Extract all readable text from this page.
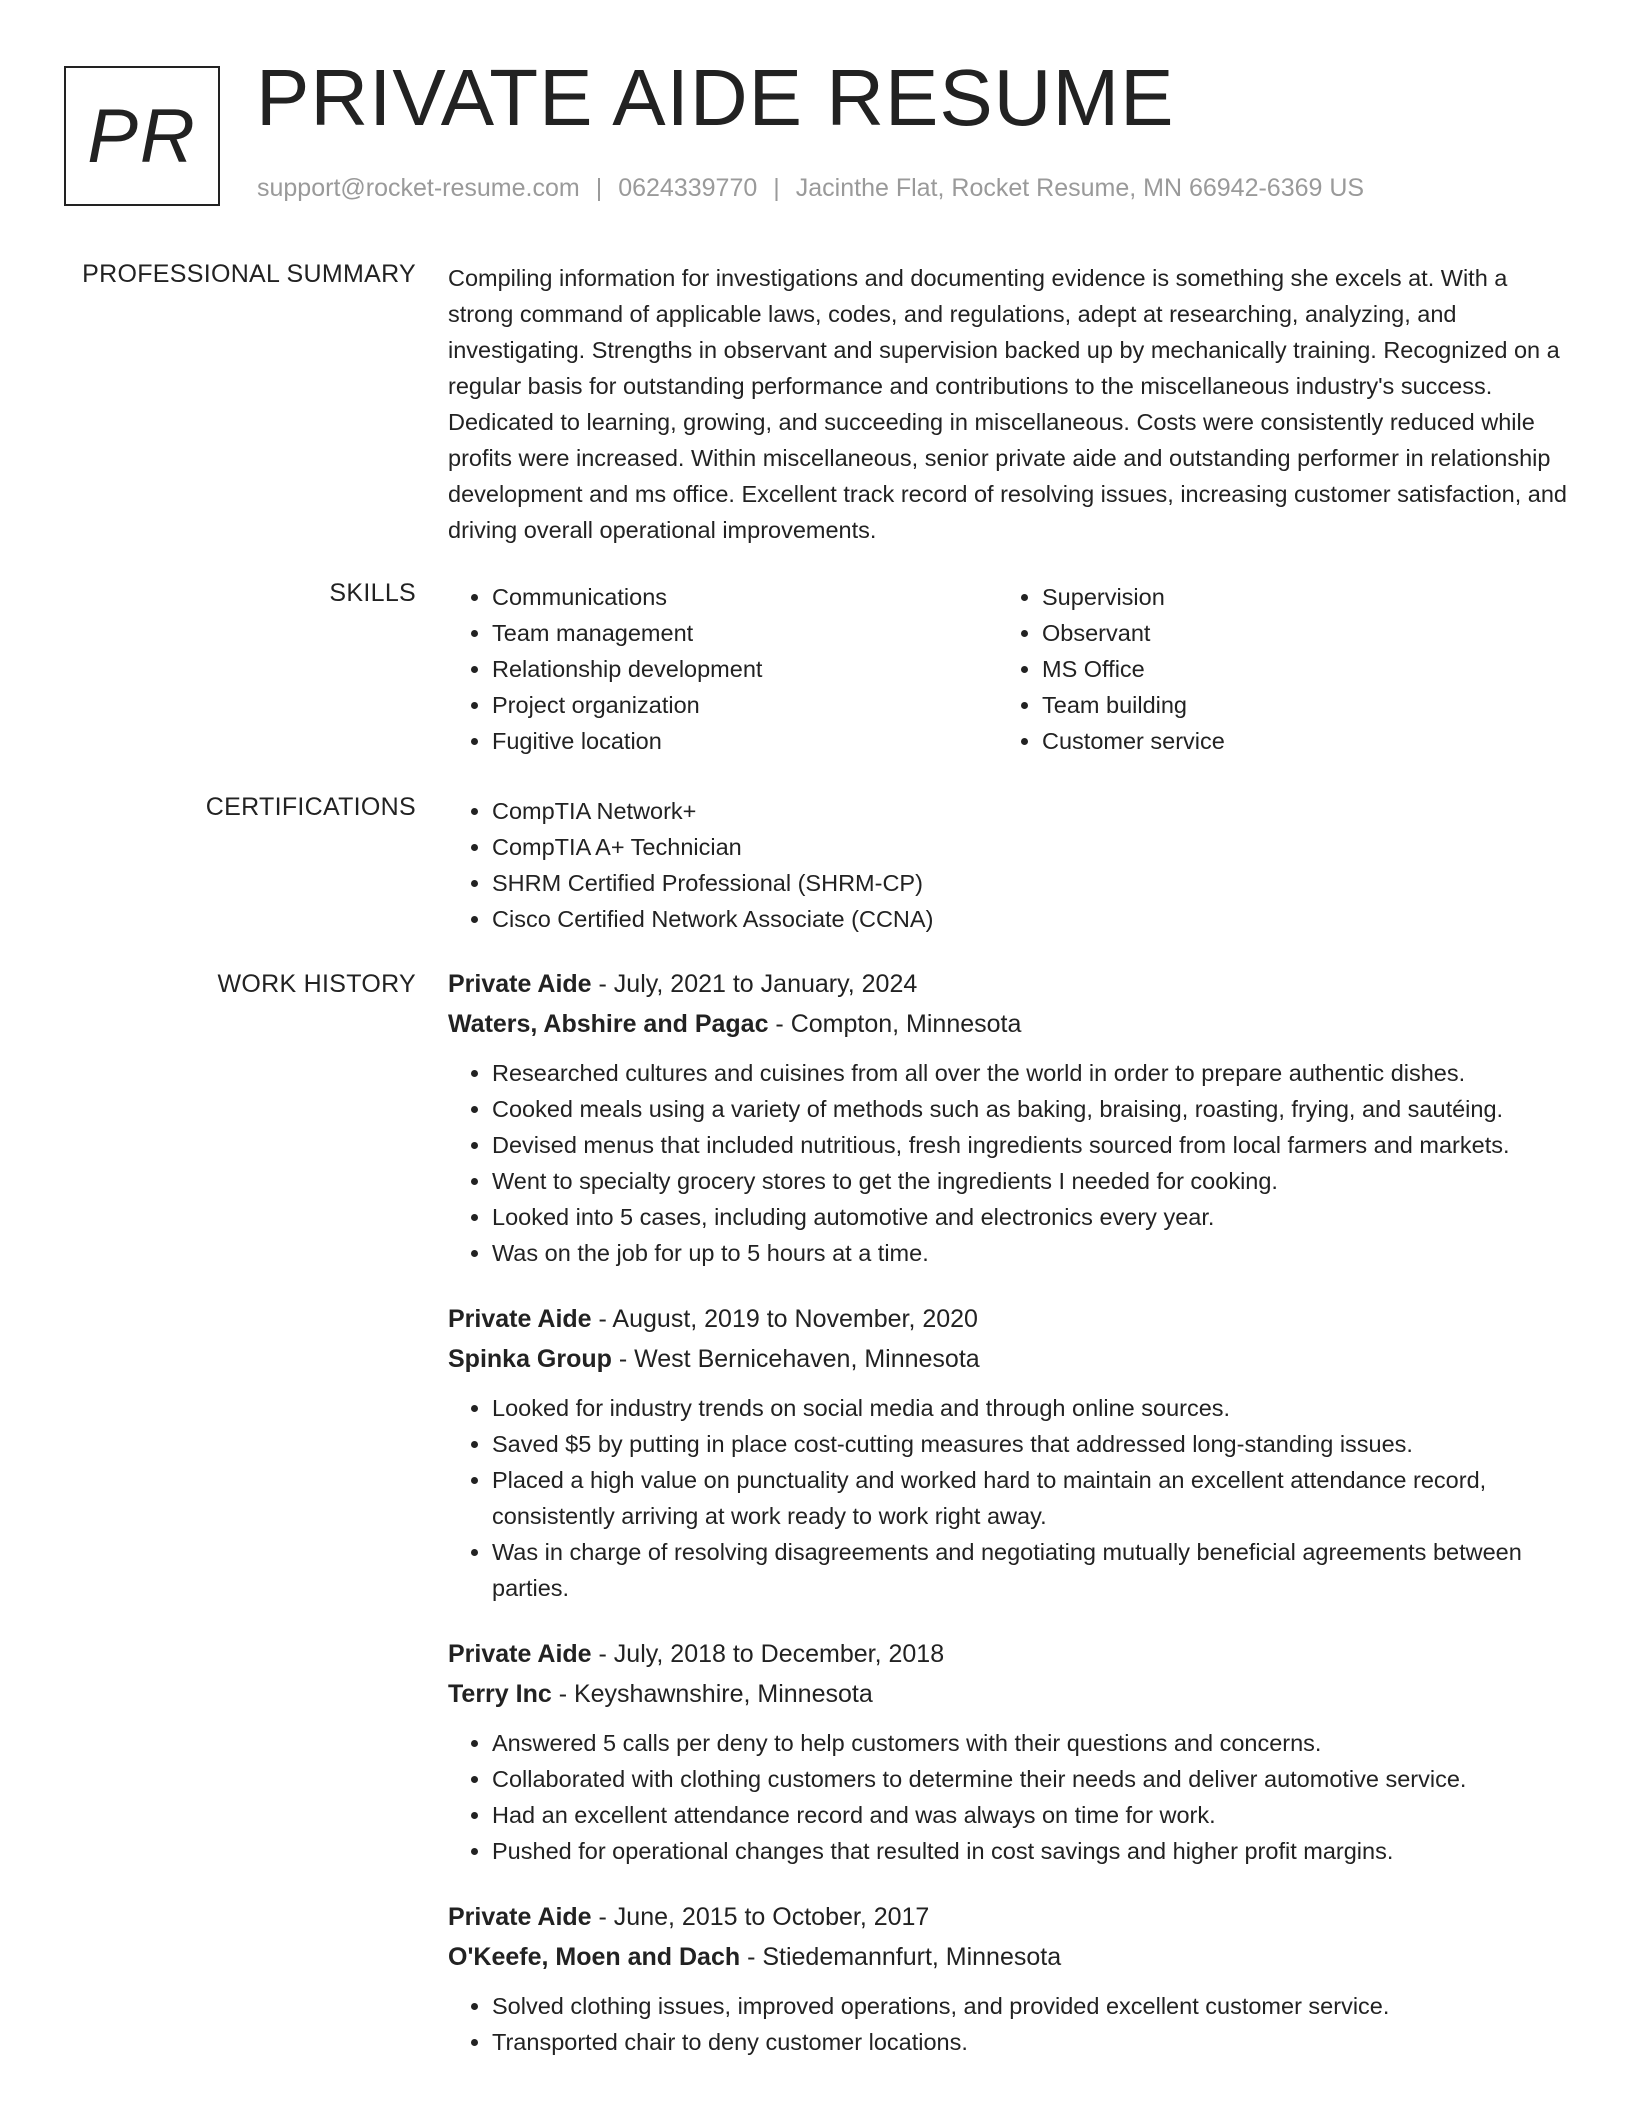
PR PRIVATE AIDE RESUME
support@rocket-resume.com | 0624339770 | Jacinthe Flat, Rocket Resume, MN 66942-6369 US
PROFESSIONAL SUMMARY Compiling information for investigations and documenting evidence is something she excels at. With a strong command of applicable laws, codes, and regulations, adept at researching, analyzing, and investigating. Strengths in observant and supervision backed up by mechanically training. Recognized on a regular basis for outstanding performance and contributions to the miscellaneous industry's success. Dedicated to learning, growing, and succeeding in miscellaneous. Costs were consistently reduced while profits were increased. Within miscellaneous, senior private aide and outstanding performer in relationship development and ms office. Excellent track record of resolving issues, increasing customer satisfaction, and driving overall operational improvements.

SKILLS	• Communications
• Team management
• Relationship development
• Project organization
• Fugitive location
• Supervision
• Observant
• MS Office
• Team building
• Customer service
CERTIFICATIONS	• CompTIA Network+
• CompTIA A+ Technician
• SHRM Certified Professional (SHRM-CP)
• Cisco Certified Network Associate (CCNA)
WORK HISTORY Private Aide - July, 2021 to January, 2024
Waters, Abshire and Pagac - Compton, Minnesota
• Researched cultures and cuisines from all over the world in order to prepare authentic dishes.
• Cooked meals using a variety of methods such as baking, braising, roasting, frying, and sautéing.
• Devised menus that included nutritious, fresh ingredients sourced from local farmers and markets.
• Went to specialty grocery stores to get the ingredients I needed for cooking.
• Looked into 5 cases, including automotive and electronics every year.
• Was on the job for up to 5 hours at a time.
Private Aide - August, 2019 to November, 2020
Spinka Group - West Bernicehaven, Minnesota
• Looked for industry trends on social media and through online sources.
• Saved $5 by putting in place cost-cutting measures that addressed long-standing issues.
• Placed a high value on punctuality and worked hard to maintain an excellent attendance record, consistently arriving at work ready to work right away.
• Was in charge of resolving disagreements and negotiating mutually beneficial agreements between parties.
Private Aide - July, 2018 to December, 2018
Terry Inc - Keyshawnshire, Minnesota
• Answered 5 calls per deny to help customers with their questions and concerns.
• Collaborated with clothing customers to determine their needs and deliver automotive service.
• Had an excellent attendance record and was always on time for work.
• Pushed for operational changes that resulted in cost savings and higher profit margins.
Private Aide - June, 2015 to October, 2017
O'Keefe, Moen and Dach - Stiedemannfurt, Minnesota
• Solved clothing issues, improved operations, and provided excellent customer service.
• Transported chair to deny customer locations.
